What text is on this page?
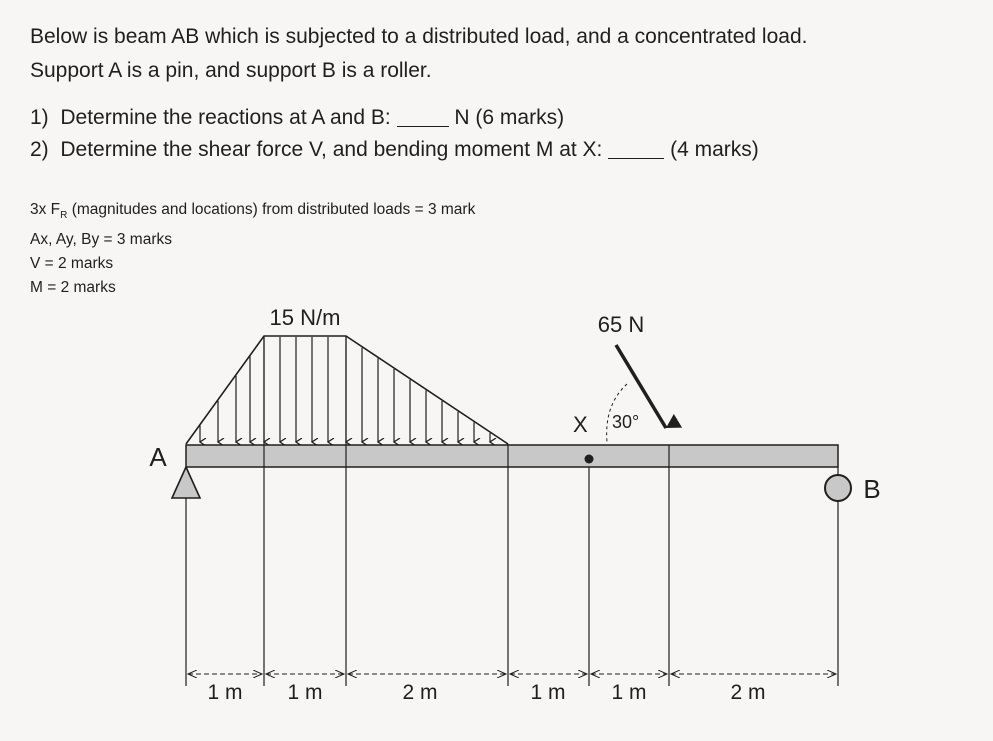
Below is beam AB which is subjected to a distributed load, and a concentrated load.
Support A is a pin, and support B is a roller.
1) Determine the reactions at A and B:	N (6 marks)
2) Determine the shear force V, and bending moment M at X:	(4 marks)
3x $F_R$ (magnitudes and locations) from distributed loads = 3 mark
Ax, Ay, By = 3 marks
V = 2 marks
M = 2 marks
15 N/m
A
B
X
65 N
30°
1 m 1 m	2 m	1 m 1 m	2 m
